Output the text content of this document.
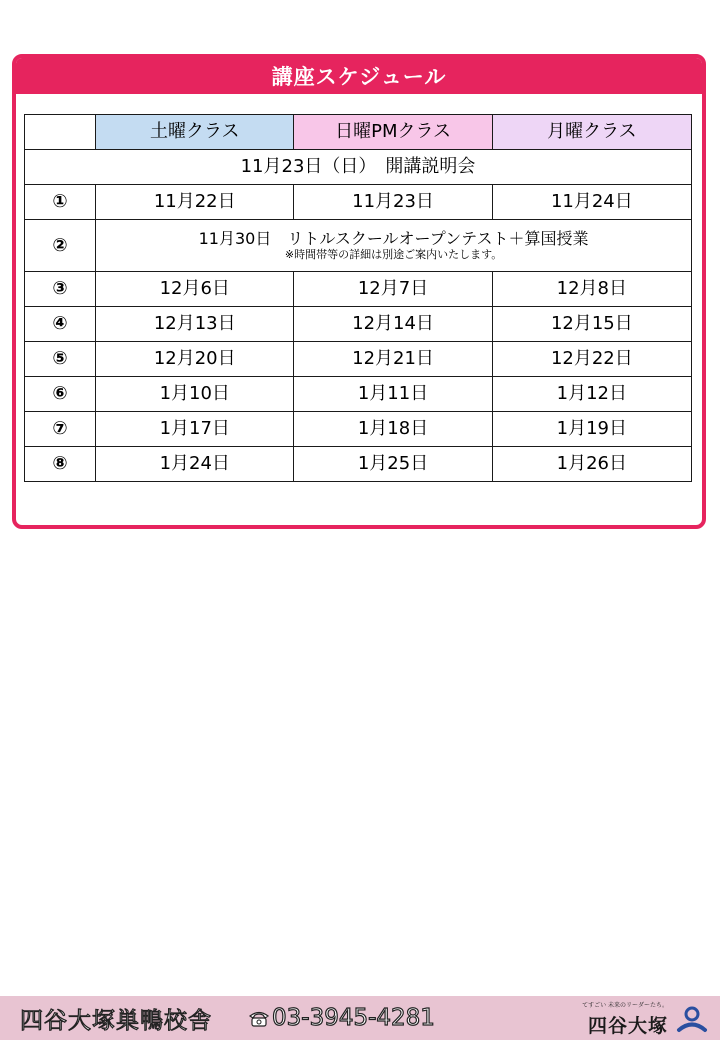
講座スケジュール
	土曜クラス	日曜PMクラス	月曜クラス
11月23日（日）　開講説明会			
①	11月22日	11月23日	11月24日
②	11月30日　リトルスクールオープンテスト＋算国授業
※時間帯等の詳細は別途ご案内いたします。		

③	12月6日	12月7日	12月8日
④	12月13日	12月14日	12月15日
⑤	12月20日	12月21日	12月22日
⑥	1月10日	1月11日	1月12日
⑦	1月17日	1月18日	1月19日
⑧	1月24日	1月25日	1月26日
四谷大塚巣鴨校舎	03-3945-4281	てすごい 未来のリーダーたち。
四谷大塚
